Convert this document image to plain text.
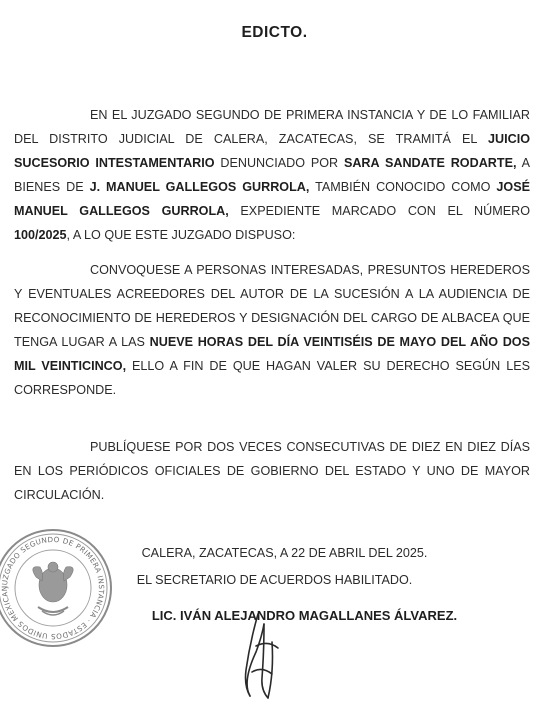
EDICTO.
EN EL JUZGADO SEGUNDO DE PRIMERA INSTANCIA Y DE LO FAMILIAR DEL DISTRITO JUDICIAL DE CALERA, ZACATECAS, SE TRAMITÁ EL JUICIO SUCESORIO INTESTAMENTARIO DENUNCIADO POR SARA SANDATE RODARTE, A BIENES DE J. MANUEL GALLEGOS GURROLA, TAMBIÉN CONOCIDO COMO JOSÉ MANUEL GALLEGOS GURROLA, EXPEDIENTE MARCADO CON EL NÚMERO 100/2025, A LO QUE ESTE JUZGADO DISPUSO:
CONVOQUESE A PERSONAS INTERESADAS, PRESUNTOS HEREDEROS Y EVENTUALES ACREEDORES DEL AUTOR DE LA SUCESIÓN A LA AUDIENCIA DE RECONOCIMIENTO DE HEREDEROS Y DESIGNACIÓN DEL CARGO DE ALBACEA QUE TENGA LUGAR A LAS NUEVE HORAS DEL DÍA VEINTISÉIS DE MAYO DEL AÑO DOS MIL VEINTICINCO, ELLO A FIN DE QUE HAGAN VALER SU DERECHO SEGÚN LES CORRESPONDE.
PUBLÍQUESE POR DOS VECES CONSECUTIVAS DE DIEZ EN DIEZ DÍAS EN LOS PERIÓDICOS OFICIALES DE GOBIERNO DEL ESTADO Y UNO DE MAYOR CIRCULACIÓN.
CALERA, ZACATECAS, A 22 DE ABRIL DEL 2025.
EL SECRETARIO DE ACUERDOS HABILITADO.
LIC. IVÁN ALEJANDRO MAGALLANES ÁLVAREZ.
JUZGADO SEGUNDO DE PRIMERA INSTANCIA · ESTADOS UNIDOS MEXICAN
